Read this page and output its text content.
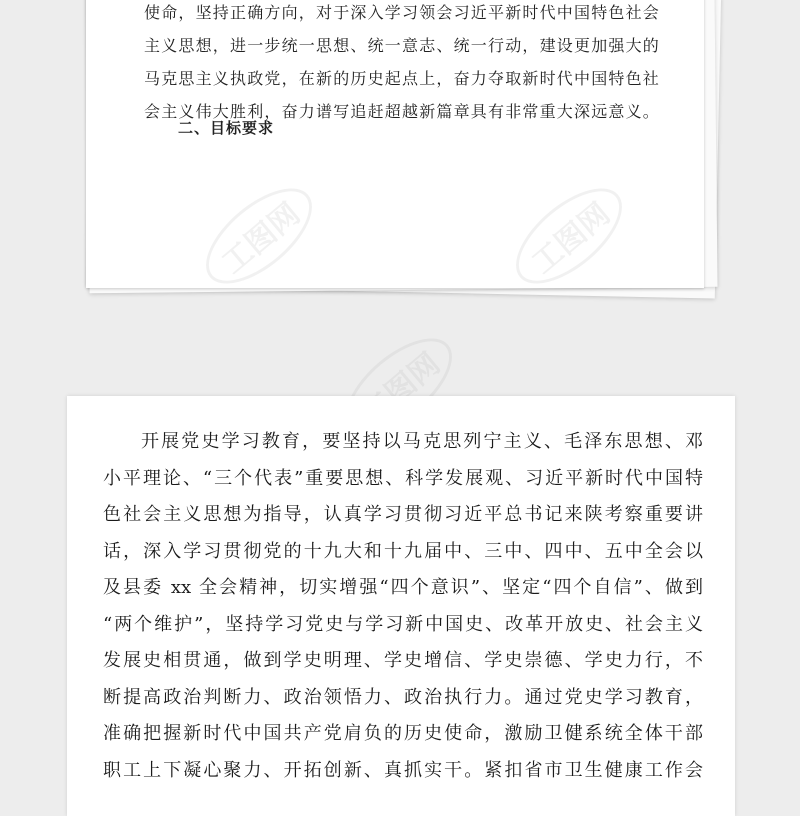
使命，坚持正确方向，对于深入学习领会习近平新时代中国特色社会
主义思想，进一步统一思想、统一意志、统一行动，建设更加强大的
马克思主义执政党，在新的历史起点上，奋力夺取新时代中国特色社
会主义伟大胜利，奋力谱写追赶超越新篇章具有非常重大深远意义。
二、目标要求
工图网
开展党史学习教育，要坚持以马克思列宁主义、毛泽东思想、邓
小平理论、“三个代表”重要思想、科学发展观、习近平新时代中国特
色社会主义思想为指导，认真学习贯彻习近平总书记来陕考察重要讲
话，深入学习贯彻党的十九大和十九届中、三中、四中、五中全会以
及县委 xx 全会精神，切实增强“四个意识”、坚定“四个自信”、做到
“两个维护”，坚持学习党史与学习新中国史、改革开放史、社会主义
发展史相贯通，做到学史明理、学史增信、学史崇德、学史力行，不
断提高政治判断力、政治领悟力、政治执行力。通过党史学习教育，
准确把握新时代中国共产党肩负的历史使命，激励卫健系统全体干部
职工上下凝心聚力、开拓创新、真抓实干。紧扣省市卫生健康工作会
